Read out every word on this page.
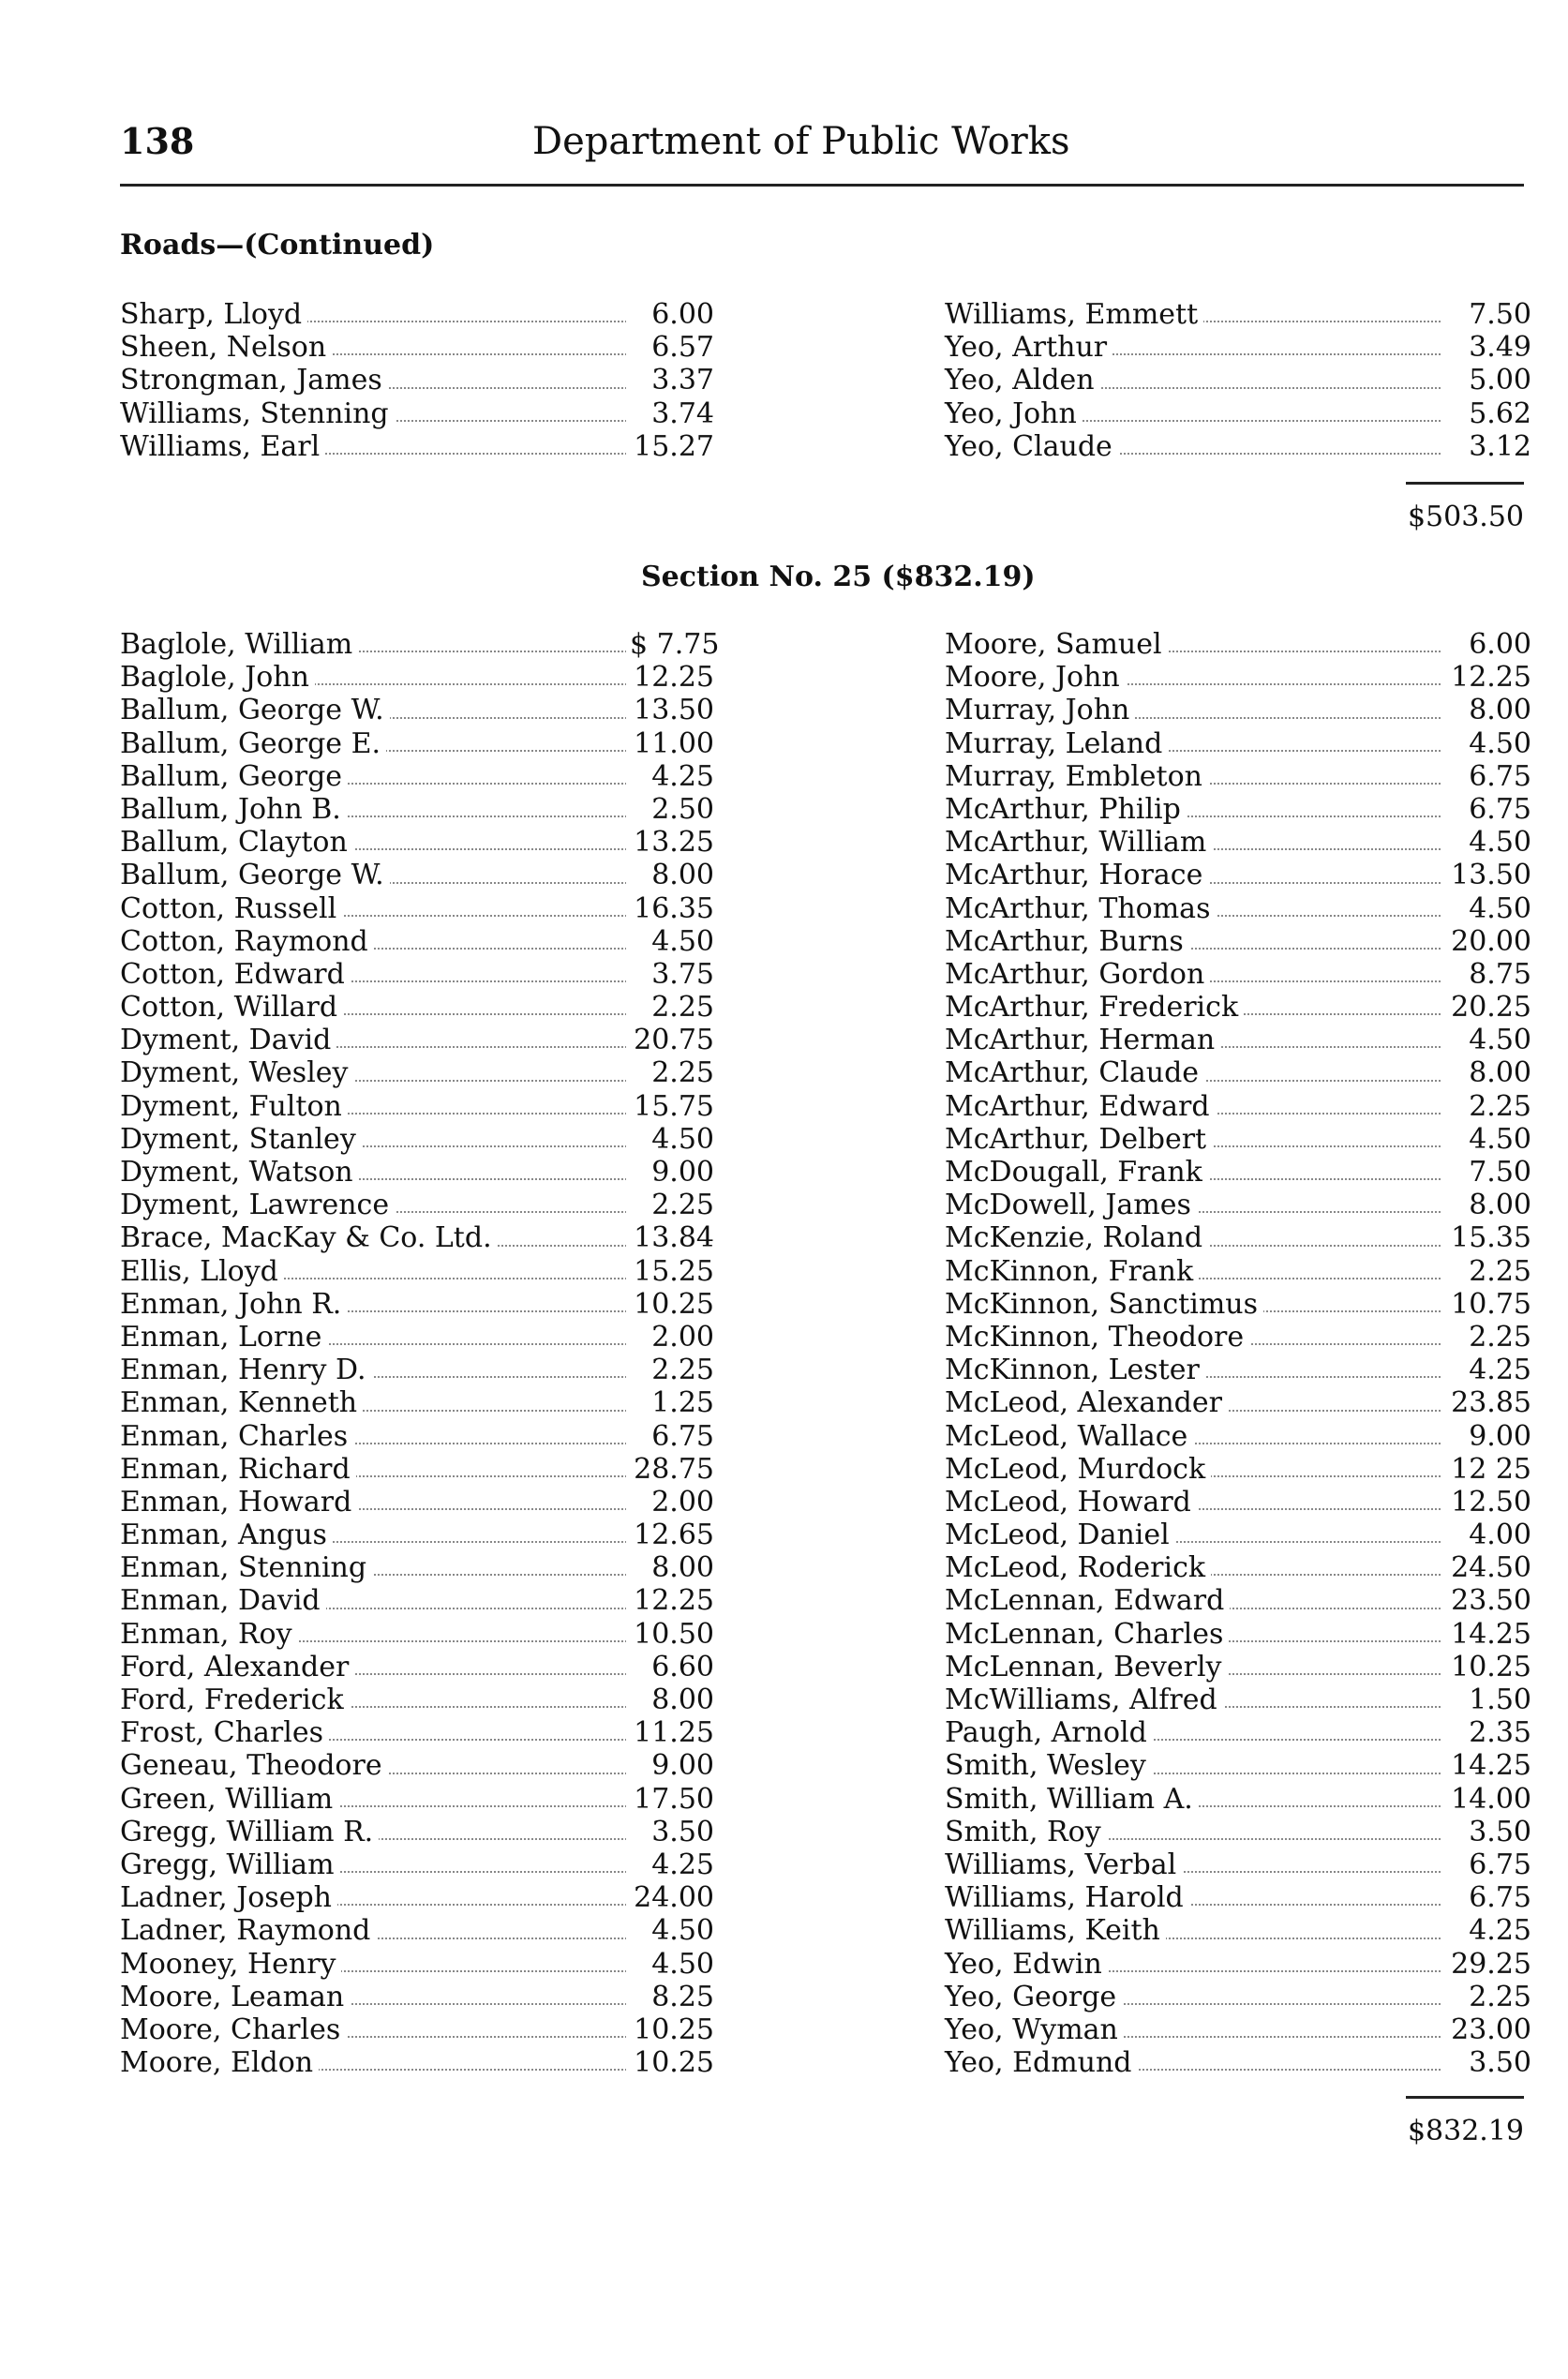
138	Department of Public Works
Roads—(Continued)
Sharp, Lloyd	6.00
Sheen, Nelson	6.57
Strongman, James	3.37
Williams, Stenning	3.74
Williams, Earl	15.27
Williams, Emmett	7.50
Yeo, Arthur	3.49
Yeo, Alden	5.00
Yeo, John	5.62
Yeo, Claude	3.12
$503.50
Section No. 25 ($832.19)
Baglole, William	$ 7.75
Baglole, John	12.25
Ballum, George W.	13.50
Ballum, George E.	11.00
Ballum, George	4.25
Ballum, John B.	2.50
Ballum, Clayton	13.25
Ballum, George W.	8.00
Cotton, Russell	16.35
Cotton, Raymond	4.50
Cotton, Edward	3.75
Cotton, Willard	2.25
Dyment, David	20.75
Dyment, Wesley	2.25
Dyment, Fulton	15.75
Dyment, Stanley	4.50
Dyment, Watson	9.00
Dyment, Lawrence	2.25
Brace, MacKay & Co. Ltd.	13.84
Ellis, Lloyd	15.25
Enman, John R.	10.25
Enman, Lorne	2.00
Enman, Henry D.	2.25
Enman, Kenneth	1.25
Enman, Charles	6.75
Enman, Richard	28.75
Enman, Howard	2.00
Enman, Angus	12.65
Enman, Stenning	8.00
Enman, David	12.25
Enman, Roy	10.50
Ford, Alexander	6.60
Ford, Frederick	8.00
Frost, Charles	11.25
Geneau, Theodore	9.00
Green, William	17.50
Gregg, William R.	3.50
Gregg, William	4.25
Ladner, Joseph	24.00
Ladner, Raymond	4.50
Mooney, Henry	4.50
Moore, Leaman	8.25
Moore, Charles	10.25
Moore, Eldon	10.25
Moore, Samuel	6.00
Moore, John	12.25
Murray, John	8.00
Murray, Leland	4.50
Murray, Embleton	6.75
McArthur, Philip	6.75
McArthur, William	4.50
McArthur, Horace	13.50
McArthur, Thomas	4.50
McArthur, Burns	20.00
McArthur, Gordon	8.75
McArthur, Frederick	20.25
McArthur, Herman	4.50
McArthur, Claude	8.00
McArthur, Edward	2.25
McArthur, Delbert	4.50
McDougall, Frank	7.50
McDowell, James	8.00
McKenzie, Roland	15.35
McKinnon, Frank	2.25
McKinnon, Sanctimus	10.75
McKinnon, Theodore	2.25
McKinnon, Lester	4.25
McLeod, Alexander	23.85
McLeod, Wallace	9.00
McLeod, Murdock	12 25
McLeod, Howard	12.50
McLeod, Daniel	4.00
McLeod, Roderick	24.50
McLennan, Edward	23.50
McLennan, Charles	14.25
McLennan, Beverly	10.25
McWilliams, Alfred	1.50
Paugh, Arnold	2.35
Smith, Wesley	14.25
Smith, William A.	14.00
Smith, Roy	3.50
Williams, Verbal	6.75
Williams, Harold	6.75
Williams, Keith	4.25
Yeo, Edwin	29.25
Yeo, George	2.25
Yeo, Wyman	23.00
Yeo, Edmund	3.50
$832.19
